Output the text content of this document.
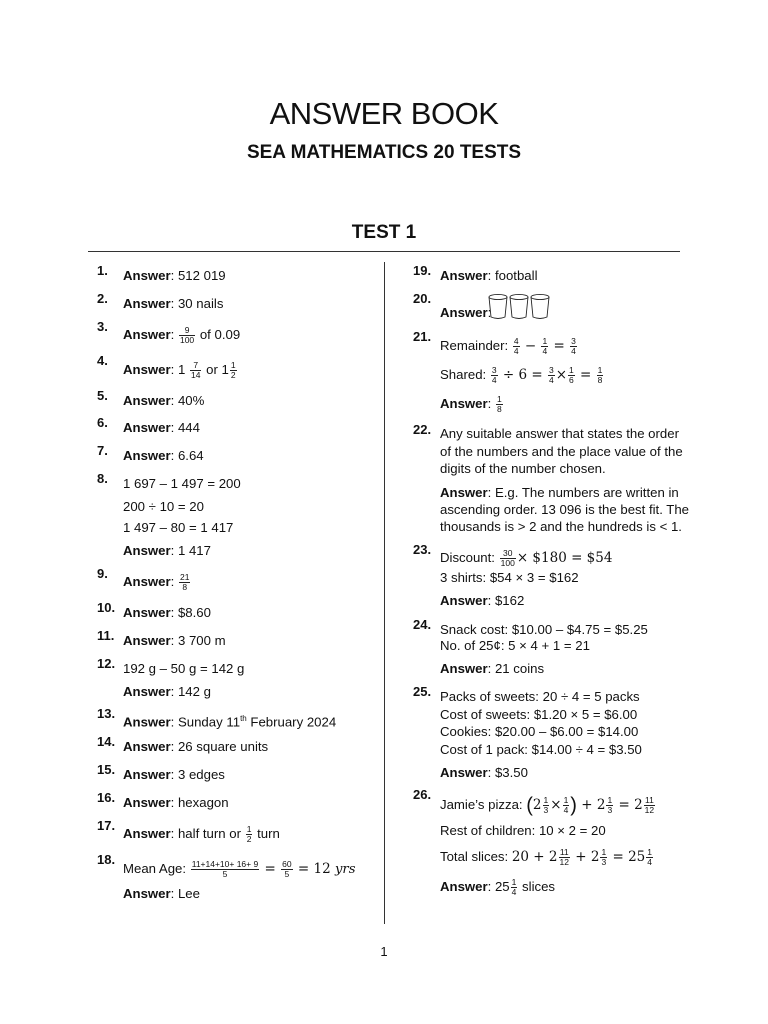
ANSWER BOOK
SEA MATHEMATICS 20 TESTS
TEST 1
1. Answer: 512 019
2. Answer: 30 nails
3.
Answer: $\frac{9}{100}$ of 0.09
4.
Answer: $1 \frac{7}{14}$ or $1 \frac{1}{2}$
5. Answer: 40%
6. Answer: 444
7. Answer: 6.64
8. 1 697 – 1 497 = 200
200 ÷ 10 = 20
1 497 – 80 = 1 417
Answer: 1 417
9.
Answer: $\frac{21}{8}$
10. Answer: $8.60
11. Answer: 3 700 m
12. 192 g – 50 g = 142 g
Answer: 142 g
13.
Answer: Sunday 11th February 2024
14. Answer: 26 square units
15. Answer: 3 edges
16. Answer: hexagon
17.
Answer: half turn or $\frac{1}{2}$ turn
18.
Mean Age: $\frac{11+14+10+ 16+ 9}{5} = \frac{60}{5} = 12$ yrs
Answer: Lee
19. Answer: football
20.
Answer:
21.
Remainder: $\frac{4}{4} - \frac{1}{4} = \frac{3}{4}$
Shared: $\frac{3}{4} \div 6 = \frac{3}{4} \times \frac{1}{6} = \frac{1}{8}$
Answer: $\frac{1}{8}$
22. Any suitable answer that states the order
of the numbers and the place value of the
digits of the number chosen.
Answer: E.g. The numbers are written in
ascending order. 13 096 is the best fit. The
thousands is > 2 and the hundreds is < 1.
23.
Discount: $\frac{30}{100}$ × $180 = $54
3 shirts: $54 × 3 = $162
Answer: $162
24. Snack cost: $10.00 – $4.75 = $5.25
No. of 25¢: 5 × 4 + 1 = 21
Answer: 21 coins
25. Packs of sweets: 20 ÷ 4 = 5 packs
Cost of sweets: $1.20 × 5 = $6.00
Cookies: $20.00 – $6.00 = $14.00
Cost of 1 pack: $14.00 ÷ 4 = $3.50
Answer: $3.50
26.
Jamie’s pizza: ($2 \frac{1}{3} \times \frac{1}{4}$ ) + $2 \frac{1}{3} = 2 \frac{11}{12}$
Rest of children: 10 × 2 = 20
Total slices: $20 + 2 \frac{11}{12} + 2 \frac{1}{3} = 25 \frac{1}{4}$
Answer: $25 \frac{1}{4}$ slices
1
